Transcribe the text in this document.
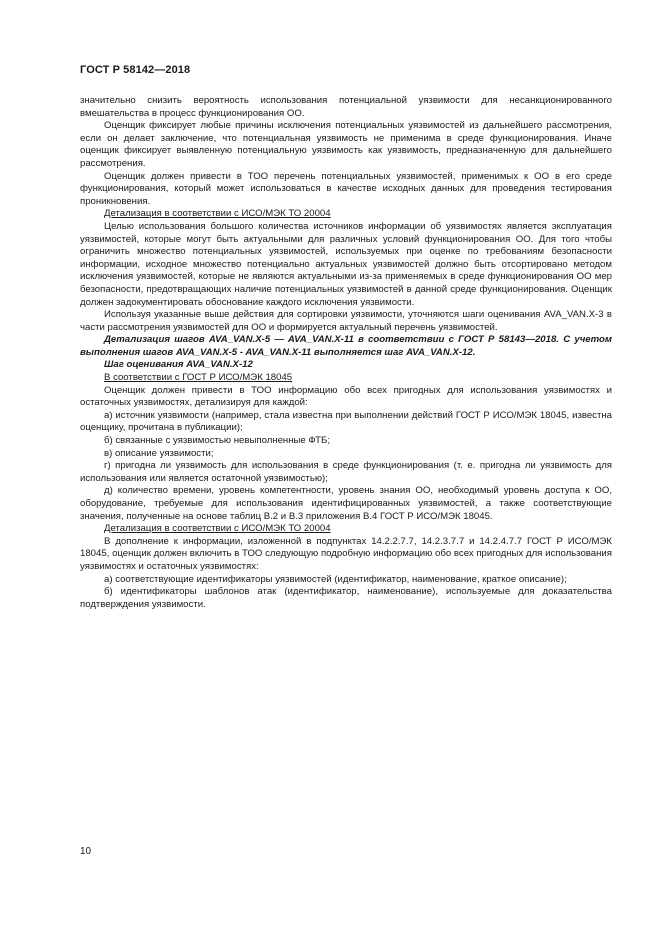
ГОСТ Р 58142—2018

значительно снизить вероятность использования потенциальной уязвимости для несанкционированного вмешательства в процесс функционирования ОО.

Оценщик фиксирует любые причины исключения потенциальных уязвимостей из дальнейшего рассмотрения, если он делает заключение, что потенциальная уязвимость не применима в среде функционирования. Иначе оценщик фиксирует выявленную потенциальную уязвимость как уязвимость, предназначенную для дальнейшего рассмотрения.

Оценщик должен привести в ТОО перечень потенциальных уязвимостей, применимых к ОО в его среде функционирования, который может использоваться в качестве исходных данных для проведения тестирования проникновения.

Детализация в соответствии с ИСО/МЭК ТО 20004

Целью использования большого количества источников информации об уязвимостях является эксплуатация уязвимостей, которые могут быть актуальными для различных условий функционирования ОО. Для того чтобы ограничить множество потенциальных уязвимостей, используемых при оценке по требованиям безопасности информации, исходное множество потенциально актуальных уязвимостей должно быть отсортировано методом исключения уязвимостей, которые не являются актуальными из-за применяемых в среде функционирования ОО мер безопасности, предотвращающих наличие потенциальных уязвимостей в данной среде функционирования. Оценщик должен задокументировать обоснование каждого исключения уязвимости.

Используя указанные выше действия для сортировки уязвимости, уточняются шаги оценивания AVA_VAN.X-3 в части рассмотрения уязвимостей для ОО и формируется актуальный перечень уязвимостей.

Детализация шагов AVA_VAN.X-5 — AVA_VAN.X-11 в соответствии с ГОСТ Р 58143—2018. С учетом выполнения шагов AVA_VAN.X-5 - AVA_VAN.X-11 выполняется шаг AVA_VAN.X-12.

Шаг оценивания AVA_VAN.X-12

В соответствии с ГОСТ Р ИСО/МЭК 18045

Оценщик должен привести в ТОО информацию обо всех пригодных для использования уязвимостях и остаточных уязвимостях, детализируя для каждой:

а) источник уязвимости (например, стала известна при выполнении действий ГОСТ Р ИСО/МЭК 18045, известна оценщику, прочитана в публикации);

б) связанные с уязвимостью невыполненные ФТБ;

в) описание уязвимости;

г) пригодна ли уязвимость для использования в среде функционирования (т. е. пригодна ли уязвимость для использования или является остаточной уязвимостью);

д) количество времени, уровень компетентности, уровень знания ОО, необходимый уровень доступа к ОО, оборудование, требуемые для использования идентифицированных уязвимостей, а также соответствующие значения, полученные на основе таблиц В.2 и В.3 приложения В.4 ГОСТ Р ИСО/МЭК 18045.

Детализация в соответствии с ИСО/МЭК ТО 20004

В дополнение к информации, изложенной в подпунктах 14.2.2.7.7, 14.2.3.7.7 и 14.2.4.7.7 ГОСТ Р ИСО/МЭК 18045, оценщик должен включить в ТОО следующую подробную информацию обо всех пригодных для использования уязвимостях и остаточных уязвимостях:

а) соответствующие идентификаторы уязвимостей (идентификатор, наименование, краткое описание);

б) идентификаторы шаблонов атак (идентификатор, наименование), используемые для доказательства подтверждения уязвимости.

10
